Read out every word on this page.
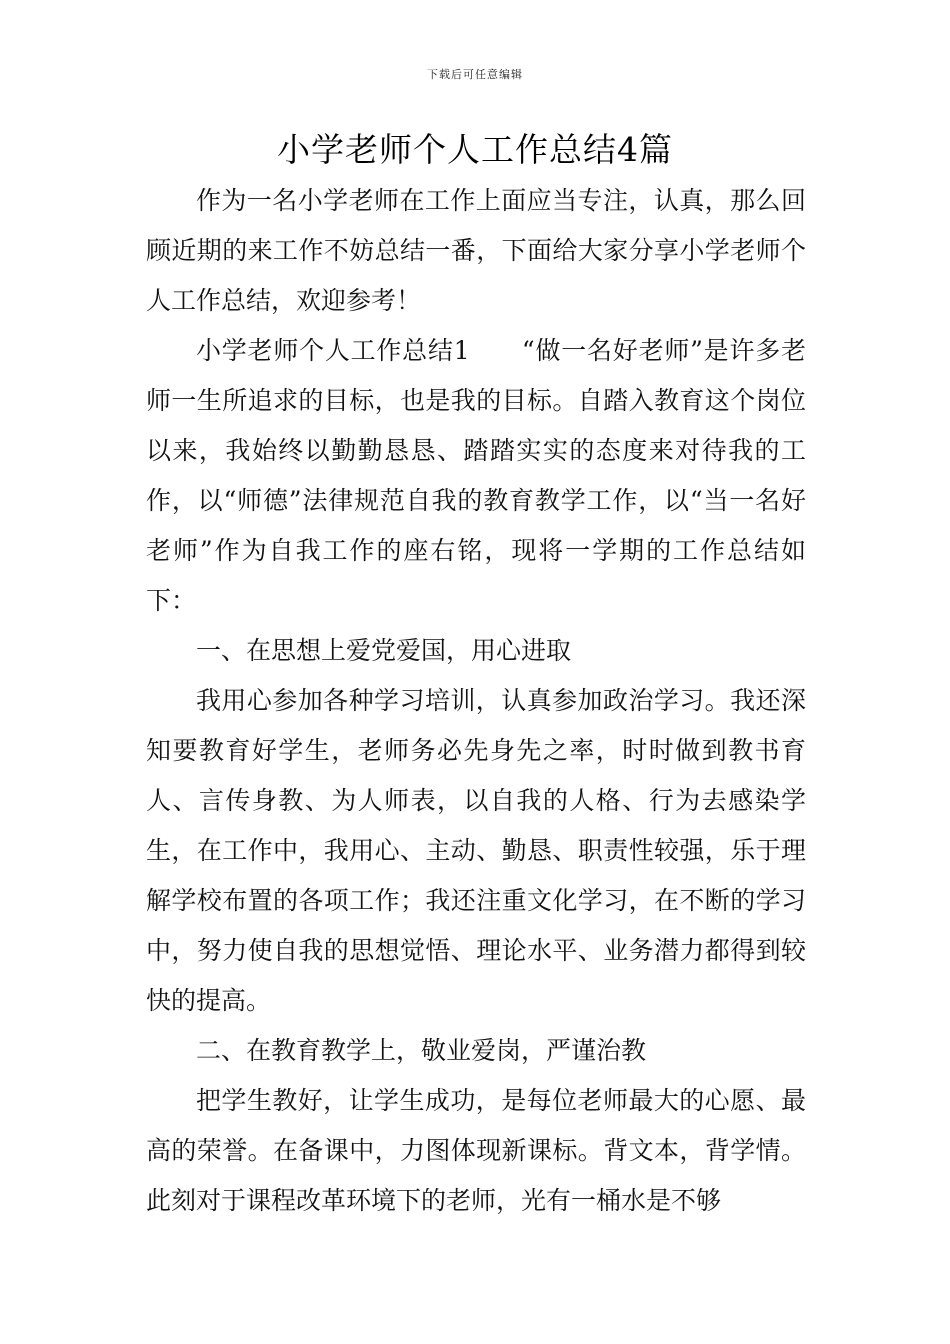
下载后可任意编辑
小学老师个人工作总结4篇

作为一名小学老师在工作上面应当专注，认真，那么回顾近期的来工作不妨总结一番，下面给大家分享小学老师个人工作总结，欢迎参考！

小学老师个人工作总结1　　“做一名好老师”是许多老师一生所追求的目标，也是我的目标。自踏入教育这个岗位以来，我始终以勤勤恳恳、踏踏实实的态度来对待我的工作，以“师德”法律规范自我的教育教学工作，以“当一名好老师”作为自我工作的座右铭，现将一学期的工作总结如下：

一、在思想上爱党爱国，用心进取

我用心参加各种学习培训，认真参加政治学习。我还深知要教育好学生，老师务必先身先之率，时时做到教书育人、言传身教、为人师表，以自我的人格、行为去感染学生，在工作中，我用心、主动、勤恳、职责性较强，乐于理解学校布置的各项工作；我还注重文化学习，在不断的学习中，努力使自我的思想觉悟、理论水平、业务潜力都得到较快的提高。

二、在教育教学上，敬业爱岗，严谨治教

把学生教好，让学生成功，是每位老师最大的心愿、最高的荣誉。在备课中，力图体现新课标。背文本，背学情。此刻对于课程改革环境下的老师，光有一桶水是不够
